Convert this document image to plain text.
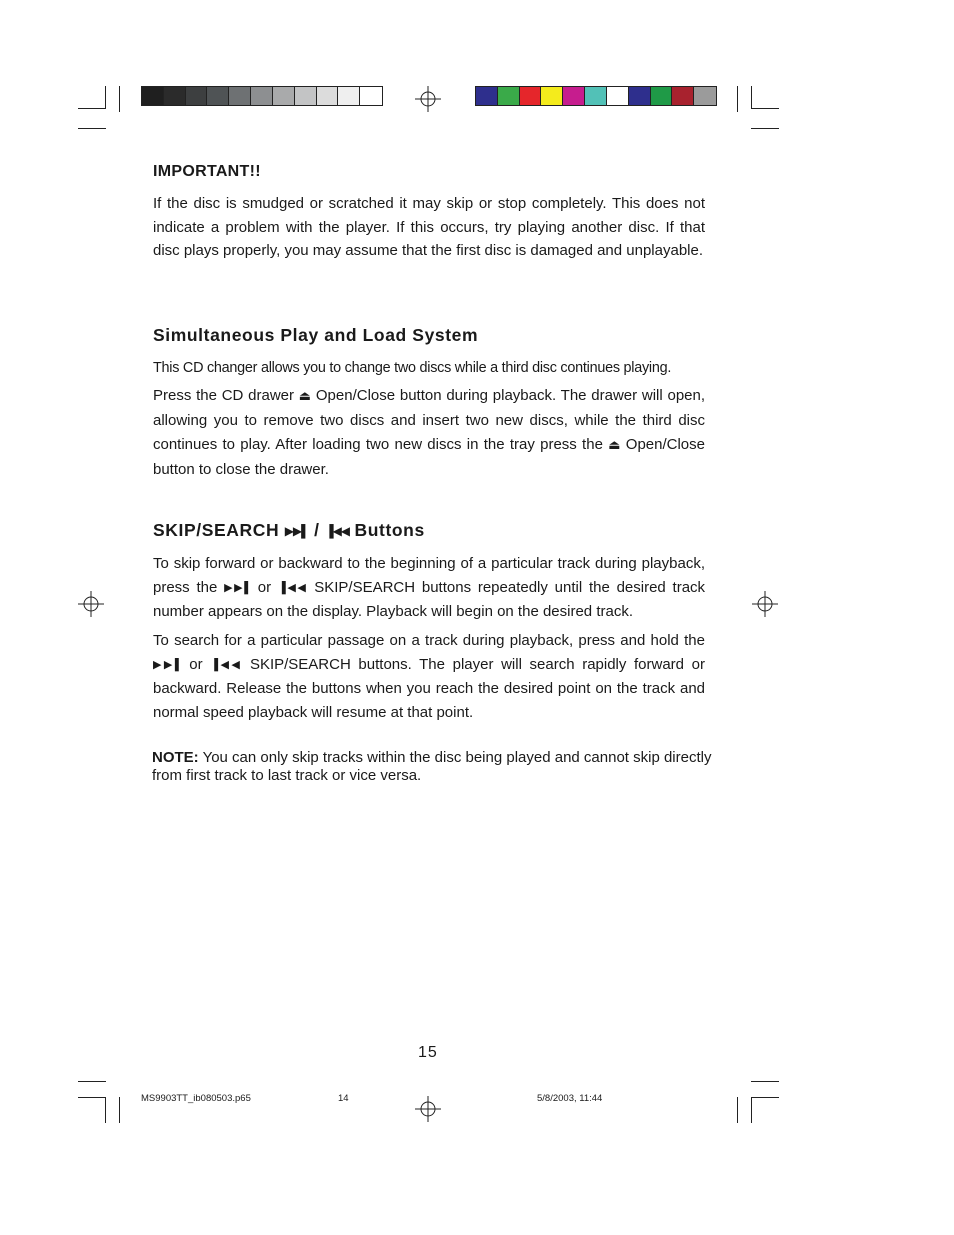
IMPORTANT!!
If the disc is smudged or scratched it may skip or stop completely. This does not indicate a problem with the player. If this occurs, try playing another disc. If that disc plays properly, you may assume that the first disc is damaged and unplayable.
Simultaneous Play and Load System
This CD changer allows you to change two discs while a third disc continues playing.
Press the CD drawer ⏏ Open/Close button during playback. The drawer will open, allowing you to remove two discs and insert two new discs, while the third disc continues to play. After loading two new discs in the tray press the ⏏ Open/Close button to close the drawer.
SKIP/SEARCH ▶▶▌ / ▐◀◀ Buttons
To skip forward or backward to the beginning of a particular track during playback, press the ▶▶▌ or ▐◀◀ SKIP/SEARCH buttons repeatedly until the desired track number appears on the display. Playback will begin on the desired track.
To search for a particular passage on a track during playback, press and hold the ▶▶▌ or ▐◀◀ SKIP/SEARCH buttons. The player will search rapidly forward or backward. Release the buttons when you reach the desired point on the track and normal speed playback will resume at that point.
NOTE: You can only skip tracks within the disc being played and cannot skip directly from first track to last track or vice versa.
15
MS9903TT_ib080503.p65	14	5/8/2003, 11:44
